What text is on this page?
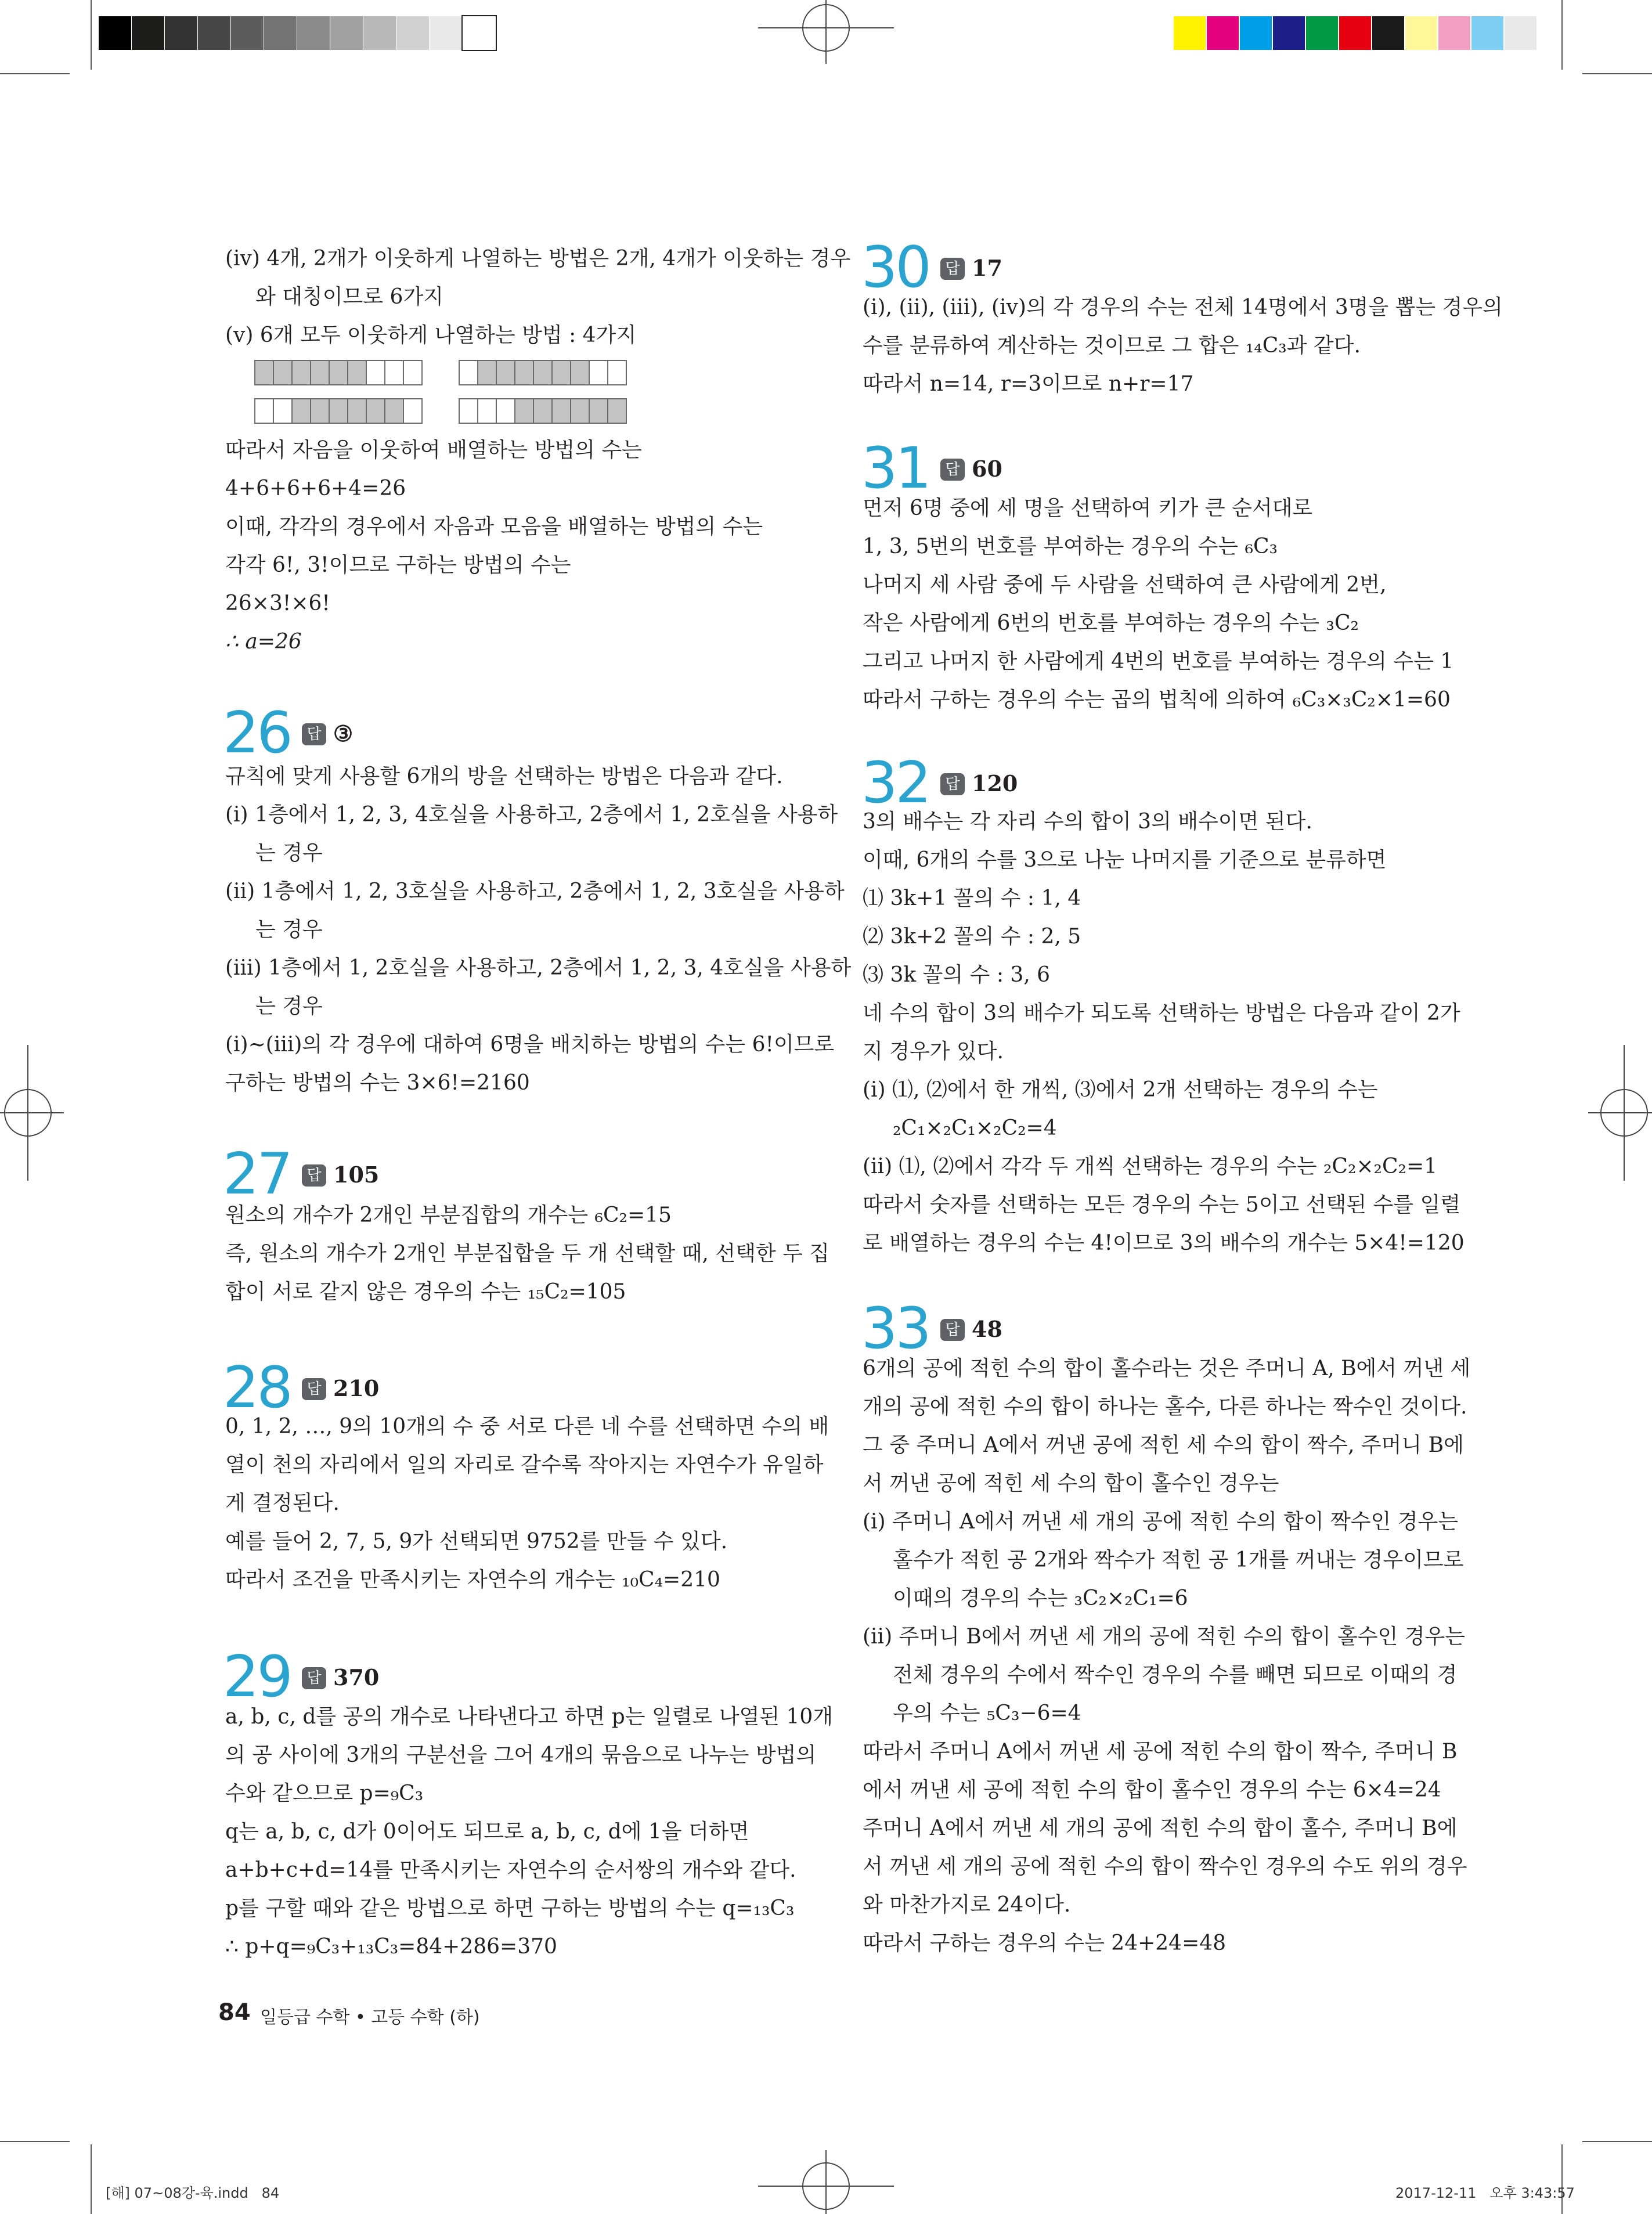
(ⅳ) 4개, 2개가 이웃하게 나열하는 방법은 2개, 4개가 이웃하는 경우
와 대칭이므로 6가지
(ⅴ) 6개 모두 이웃하게 나열하는 방법 : 4가지
따라서 자음을 이웃하여 배열하는 방법의 수는
4+6+6+6+4=26
이때, 각각의 경우에서 자음과 모음을 배열하는 방법의 수는
각각 6!, 3!이므로 구하는 방법의 수는
26×3!×6!
∴ a=26
26	답 ③
규칙에 맞게 사용할 6개의 방을 선택하는 방법은 다음과 같다.
(ⅰ) 1층에서 1, 2, 3, 4호실을 사용하고, 2층에서 1, 2호실을 사용하
는 경우
(ⅱ) 1층에서 1, 2, 3호실을 사용하고, 2층에서 1, 2, 3호실을 사용하
는 경우
(ⅲ) 1층에서 1, 2호실을 사용하고, 2층에서 1, 2, 3, 4호실을 사용하
는 경우
(ⅰ)~(ⅲ)의 각 경우에 대하여 6명을 배치하는 방법의 수는 6!이므로
구하는 방법의 수는 3×6!=2160
27	답 105
원소의 개수가 2개인 부분집합의 개수는 ₆C₂=15
즉, 원소의 개수가 2개인 부분집합을 두 개 선택할 때, 선택한 두 집
합이 서로 같지 않은 경우의 수는 ₁₅C₂=105
28	답 210
0, 1, 2, …, 9의 10개의 수 중 서로 다른 네 수를 선택하면 수의 배
열이 천의 자리에서 일의 자리로 갈수록 작아지는 자연수가 유일하
게 결정된다.
예를 들어 2, 7, 5, 9가 선택되면 9752를 만들 수 있다.
따라서 조건을 만족시키는 자연수의 개수는 ₁₀C₄=210
29	답 370
a, b, c, d를 공의 개수로 나타낸다고 하면 p는 일렬로 나열된 10개
의 공 사이에 3개의 구분선을 그어 4개의 묶음으로 나누는 방법의
수와 같으므로 p=₉C₃
q는 a, b, c, d가 0이어도 되므로 a, b, c, d에 1을 더하면
a+b+c+d=14를 만족시키는 자연수의 순서쌍의 개수와 같다.
p를 구할 때와 같은 방법으로 하면 구하는 방법의 수는 q=₁₃C₃
∴ p+q=₉C₃+₁₃C₃=84+286=370
30	답 17
(ⅰ), (ⅱ), (ⅲ), (ⅳ)의 각 경우의 수는 전체 14명에서 3명을 뽑는 경우의
수를 분류하여 계산하는 것이므로 그 합은 ₁₄C₃과 같다.
따라서 n=14, r=3이므로 n+r=17
31	답 60
먼저 6명 중에 세 명을 선택하여 키가 큰 순서대로
1, 3, 5번의 번호를 부여하는 경우의 수는 ₆C₃
나머지 세 사람 중에 두 사람을 선택하여 큰 사람에게 2번,
작은 사람에게 6번의 번호를 부여하는 경우의 수는 ₃C₂
그리고 나머지 한 사람에게 4번의 번호를 부여하는 경우의 수는 1
따라서 구하는 경우의 수는 곱의 법칙에 의하여 ₆C₃×₃C₂×1=60
32	답 120
3의 배수는 각 자리 수의 합이 3의 배수이면 된다.
이때, 6개의 수를 3으로 나눈 나머지를 기준으로 분류하면
⑴ 3k+1 꼴의 수 : 1, 4
⑵ 3k+2 꼴의 수 : 2, 5
⑶ 3k 꼴의 수 : 3, 6
네 수의 합이 3의 배수가 되도록 선택하는 방법은 다음과 같이 2가
지 경우가 있다.
(ⅰ) ⑴, ⑵에서 한 개씩, ⑶에서 2개 선택하는 경우의 수는
₂C₁×₂C₁×₂C₂=4
(ⅱ) ⑴, ⑵에서 각각 두 개씩 선택하는 경우의 수는 ₂C₂×₂C₂=1
따라서 숫자를 선택하는 모든 경우의 수는 5이고 선택된 수를 일렬
로 배열하는 경우의 수는 4!이므로 3의 배수의 개수는 5×4!=120
33	답 48
6개의 공에 적힌 수의 합이 홀수라는 것은 주머니 A, B에서 꺼낸 세
개의 공에 적힌 수의 합이 하나는 홀수, 다른 하나는 짝수인 것이다.
그 중 주머니 A에서 꺼낸 공에 적힌 세 수의 합이 짝수, 주머니 B에
서 꺼낸 공에 적힌 세 수의 합이 홀수인 경우는
(ⅰ) 주머니 A에서 꺼낸 세 개의 공에 적힌 수의 합이 짝수인 경우는
홀수가 적힌 공 2개와 짝수가 적힌 공 1개를 꺼내는 경우이므로
이때의 경우의 수는 ₃C₂×₂C₁=6
(ⅱ) 주머니 B에서 꺼낸 세 개의 공에 적힌 수의 합이 홀수인 경우는
전체 경우의 수에서 짝수인 경우의 수를 빼면 되므로 이때의 경
우의 수는 ₅C₃−6=4
따라서 주머니 A에서 꺼낸 세 공에 적힌 수의 합이 짝수, 주머니 B
에서 꺼낸 세 공에 적힌 수의 합이 홀수인 경우의 수는 6×4=24
주머니 A에서 꺼낸 세 개의 공에 적힌 수의 합이 홀수, 주머니 B에
서 꺼낸 세 개의 공에 적힌 수의 합이 짝수인 경우의 수도 위의 경우
와 마찬가지로 24이다.
따라서 구하는 경우의 수는 24+24=48
84 일등급 수학 • 고등 수학 (하)
[해] 07~08강-육.indd   84	2017-12-11   오후 3:43:57
